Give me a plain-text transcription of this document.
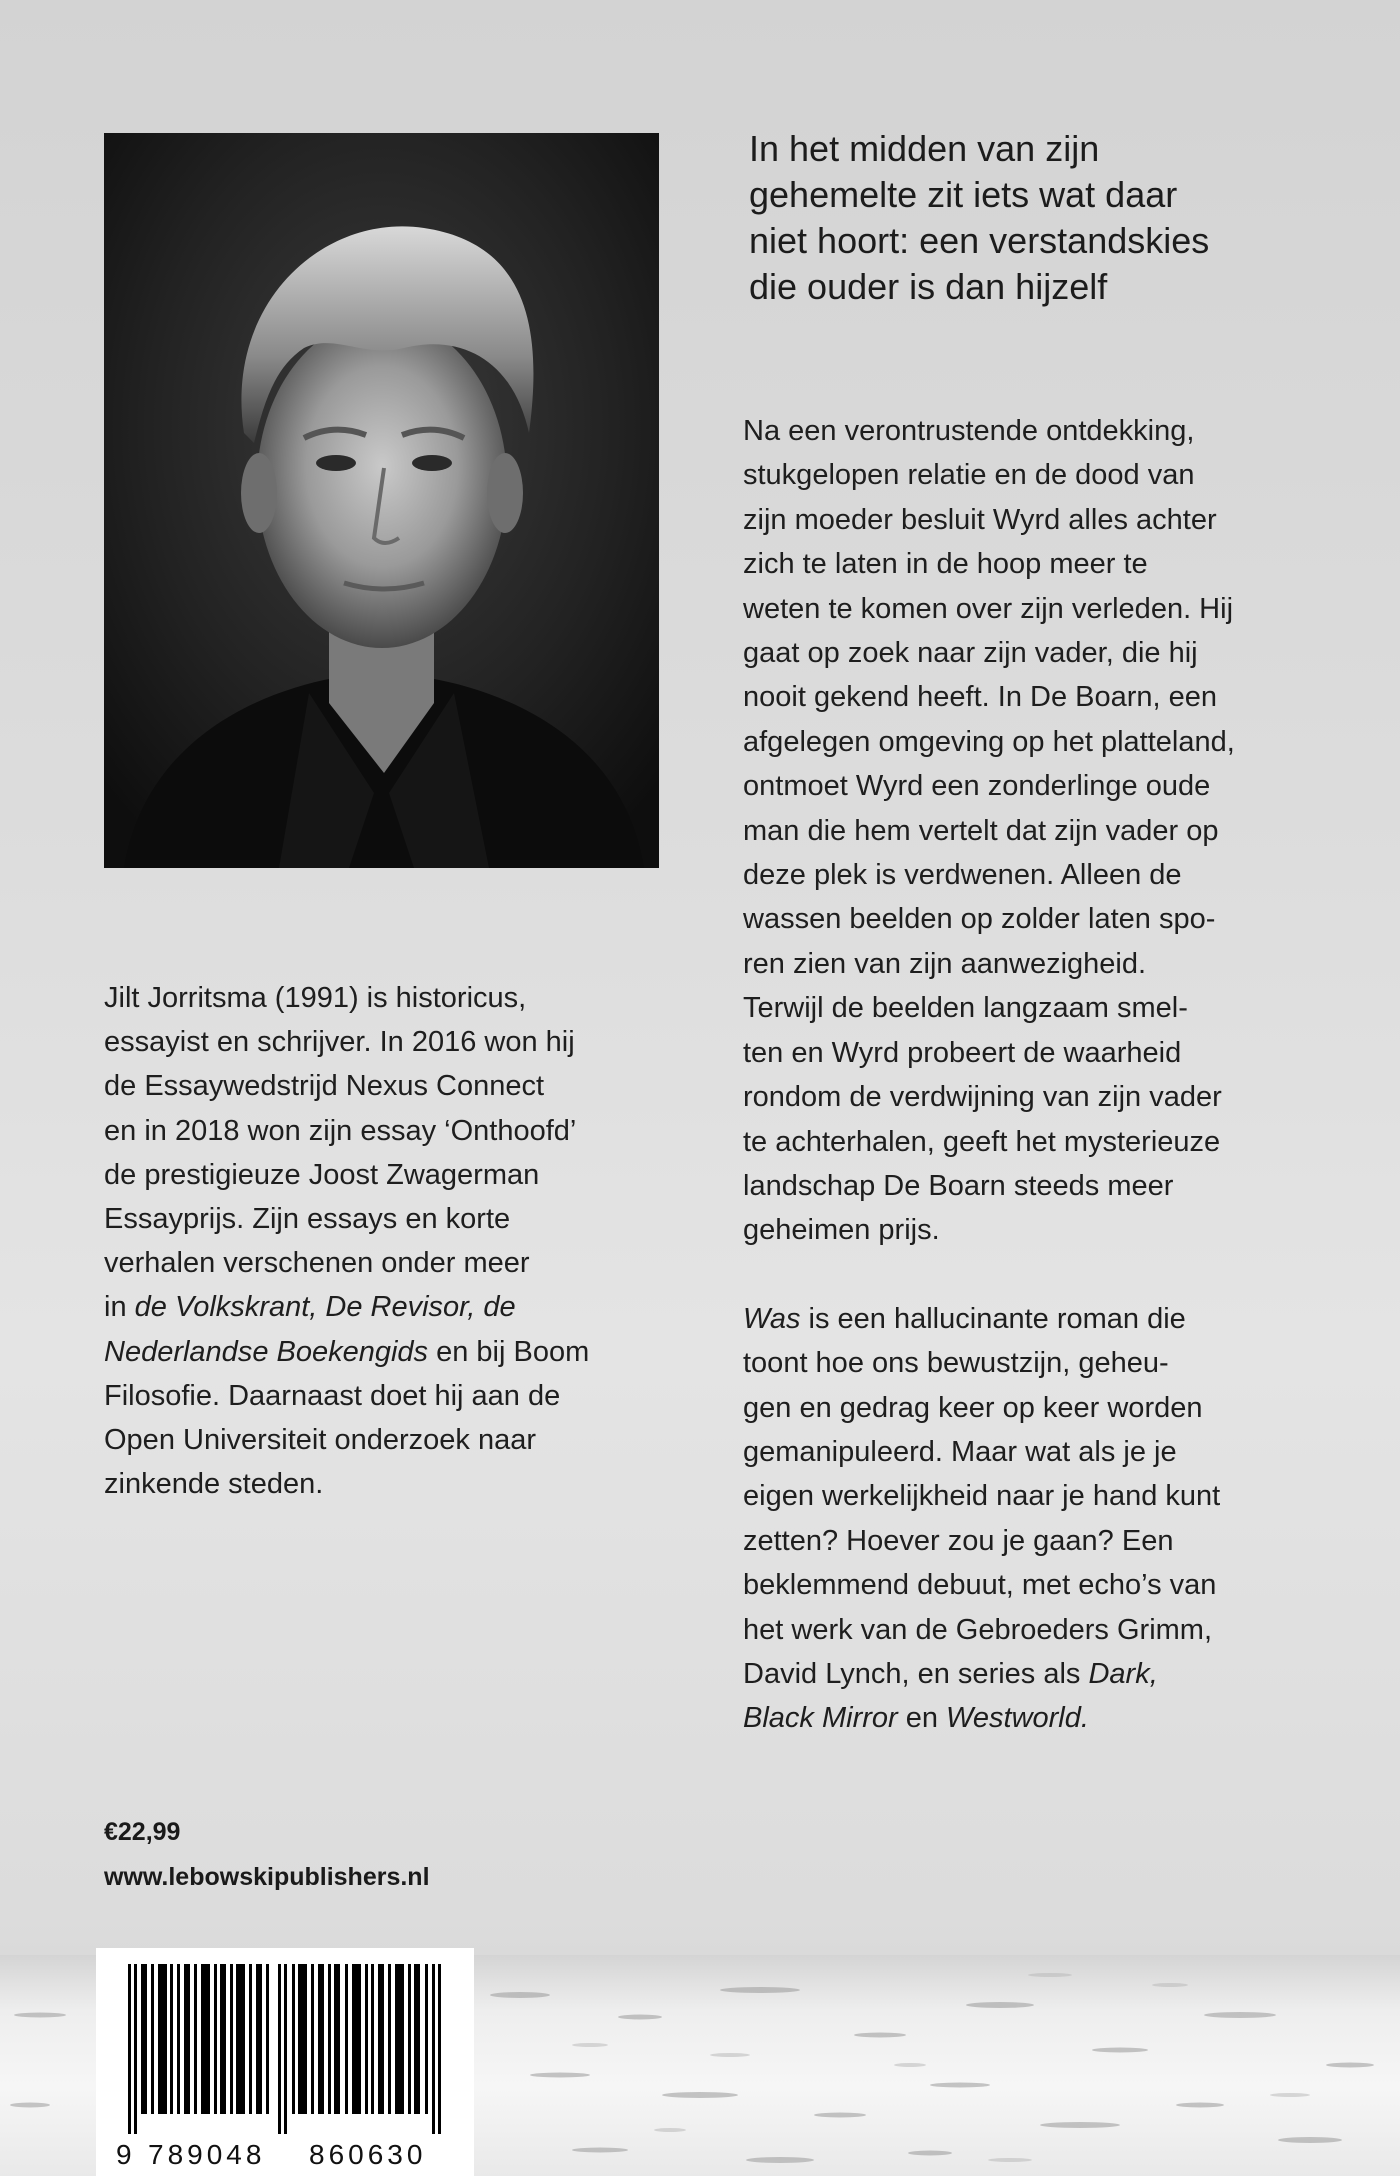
In het midden van zijn

gehemelte zit iets wat daar

niet hoort: een verstandskies

die ouder is dan hijzelf

Na een verontrustende ontdekking,

stukgelopen relatie en de dood van

zijn moeder besluit Wyrd alles achter

zich te laten in de hoop meer te

weten te komen over zijn verleden. Hij

gaat op zoek naar zijn vader, die hij

nooit gekend heeft. In De Boarn, een

afgelegen omgeving op het platteland,

ontmoet Wyrd een zonderlinge oude

man die hem vertelt dat zijn vader op

deze plek is verdwenen. Alleen de

wassen beelden op zolder laten spo-

ren zien van zijn aanwezigheid.

Terwijl de beelden langzaam smel-

ten en Wyrd probeert de waarheid

rondom de verdwijning van zijn vader

te achterhalen, geeft het mysterieuze

landschap De Boarn steeds meer

geheimen prijs.

Was is een hallucinante roman die

toont hoe ons bewustzijn, geheu-

gen en gedrag keer op keer worden

gemanipuleerd. Maar wat als je je

eigen werkelijkheid naar je hand kunt

zetten? Hoever zou je gaan? Een

beklemmend debuut, met echo’s van

het werk van de Gebroeders Grimm,

David Lynch, en series als Dark,

Black Mirror en Westworld.

Jilt Jorritsma (1991) is historicus,

essayist en schrijver. In 2016 won hij

de Essaywedstrijd Nexus Connect

en in 2018 won zijn essay ‘Onthoofd’

de prestigieuze Joost Zwagerman

Essayprijs. Zijn essays en korte

verhalen verschenen onder meer

in de Volkskrant, De Revisor, de

Nederlandse Boekengids en bij Boom

Filosofie. Daarnaast doet hij aan de

Open Universiteit onderzoek naar

zinkende steden.

€22,99
www.lebowskipublishers.nl
9 789048 860630
